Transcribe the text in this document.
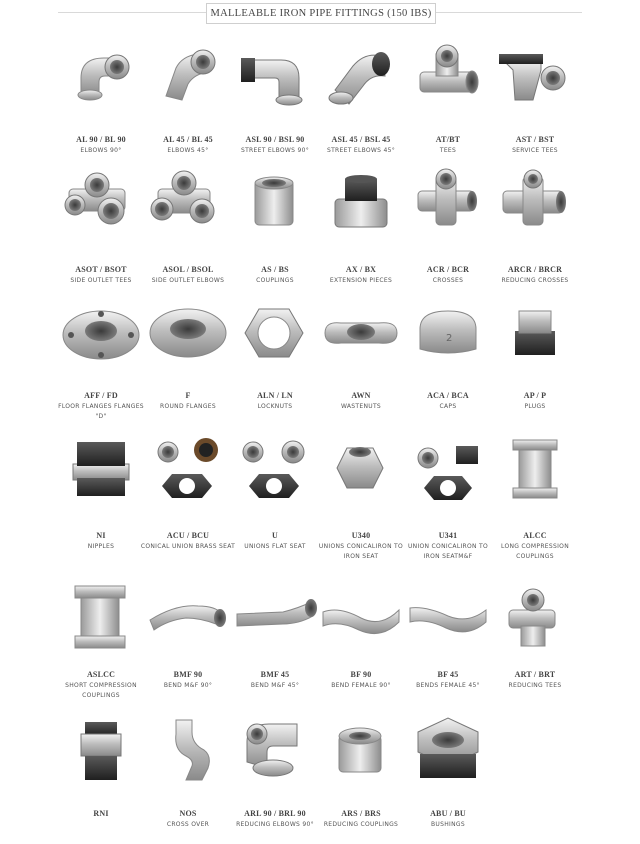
MALLEABLE IRON PIPE FITTINGS (150 IBS)
AL 90 / BL 90
ELBOWS 90°
AL 45 / BL 45
ELBOWS 45°
ASL 90 / BSL 90
STREET ELBOWS 90°
ASL 45 / BSL 45
STREET ELBOWS 45°
AT/BT
TEES
AST / BST
SERVICE TEES
ASOT / BSOT
SIDE OUTLET TEES
ASOL / BSOL
SIDE OUTLET ELBOWS
AS / BS
COUPLINGS
AX / BX
EXTENSION PIECES
ACR / BCR
CROSSES
ARCR / BRCR
REDUCING CROSSES
AFF / FD
FLOOR FLANGES FLANGES "D"
F
ROUND FLANGES
ALN / LN
LOCKNUTS
AWN
WASTENUTS
2
ACA / BCA
CAPS
AP / P
PLUGS
NI
NIPPLES
ACU / BCU
CONICAL UNION BRASS SEAT
U
UNIONS FLAT SEAT
U340
UNIONS CONICALIRON TO IRON SEAT
U341
UNION CONICALIRON TO IRON SEATM&F
ALCC
LONG COMPRESSION COUPLINGS
ASLCC
SHORT COMPRESSION COUPLINGS
BMF 90
BEND M&F 90°
BMF 45
BEND M&F 45°
BF 90
BEND FEMALE 90°
BF 45
BENDS FEMALE 45°
ART / BRT
REDUCING TEES
RNI	NOS
CROSS OVER
ARL 90 / BRL 90
REDUCING ELBOWS 90°
ARS / BRS
REDUCING COUPLINGS
ABU / BU
BUSHINGS
